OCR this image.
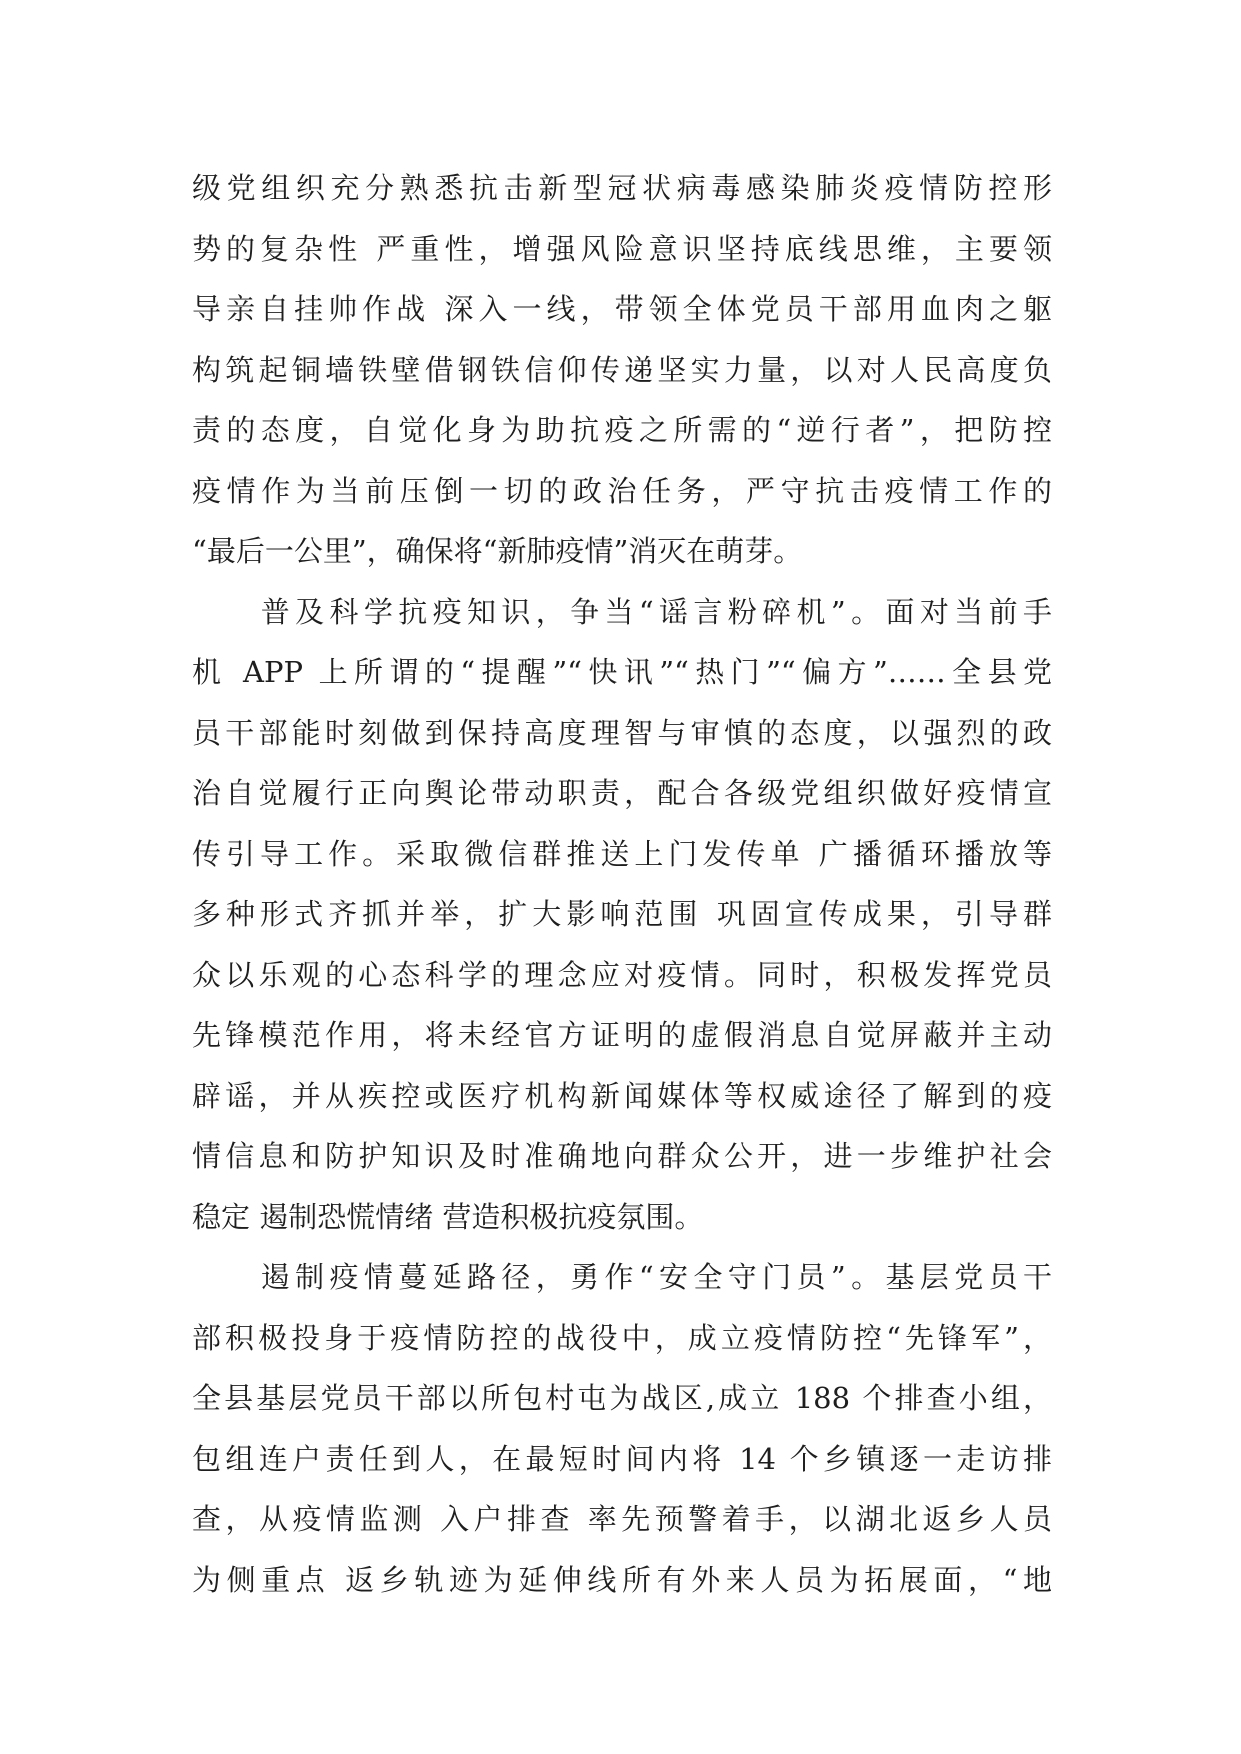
级党组织充分熟悉抗击新型冠状病毒感染肺炎疫情防控形
势的复杂性 严重性，增强风险意识坚持底线思维，主要领
导亲自挂帅作战 深入一线，带领全体党员干部用血肉之躯
构筑起铜墙铁壁借钢铁信仰传递坚实力量，以对人民高度负
责的态度，自觉化身为助抗疫之所需的“逆行者”，把防控
疫情作为当前压倒一切的政治任务，严守抗击疫情工作的
“最后一公里”，确保将“新肺疫情”消灭在萌芽。
　　普及科学抗疫知识，争当“谣言粉碎机”。面对当前手
机 APP 上所谓的“提醒”“快讯”“热门”“偏方”……全县党
员干部能时刻做到保持高度理智与审慎的态度，以强烈的政
治自觉履行正向舆论带动职责，配合各级党组织做好疫情宣
传引导工作。采取微信群推送上门发传单 广播循环播放等
多种形式齐抓并举，扩大影响范围 巩固宣传成果，引导群
众以乐观的心态科学的理念应对疫情。同时，积极发挥党员
先锋模范作用，将未经官方证明的虚假消息自觉屏蔽并主动
辟谣，并从疾控或医疗机构新闻媒体等权威途径了解到的疫
情信息和防护知识及时准确地向群众公开，进一步维护社会
稳定 遏制恐慌情绪 营造积极抗疫氛围。
　　遏制疫情蔓延路径，勇作“安全守门员”。基层党员干
部积极投身于疫情防控的战役中，成立疫情防控“先锋军”，
全县基层党员干部以所包村屯为战区,成立 188 个排查小组，
包组连户责任到人，在最短时间内将 14 个乡镇逐一走访排
查，从疫情监测 入户排查 率先预警着手，以湖北返乡人员
为侧重点 返乡轨迹为延伸线所有外来人员为拓展面，“地
